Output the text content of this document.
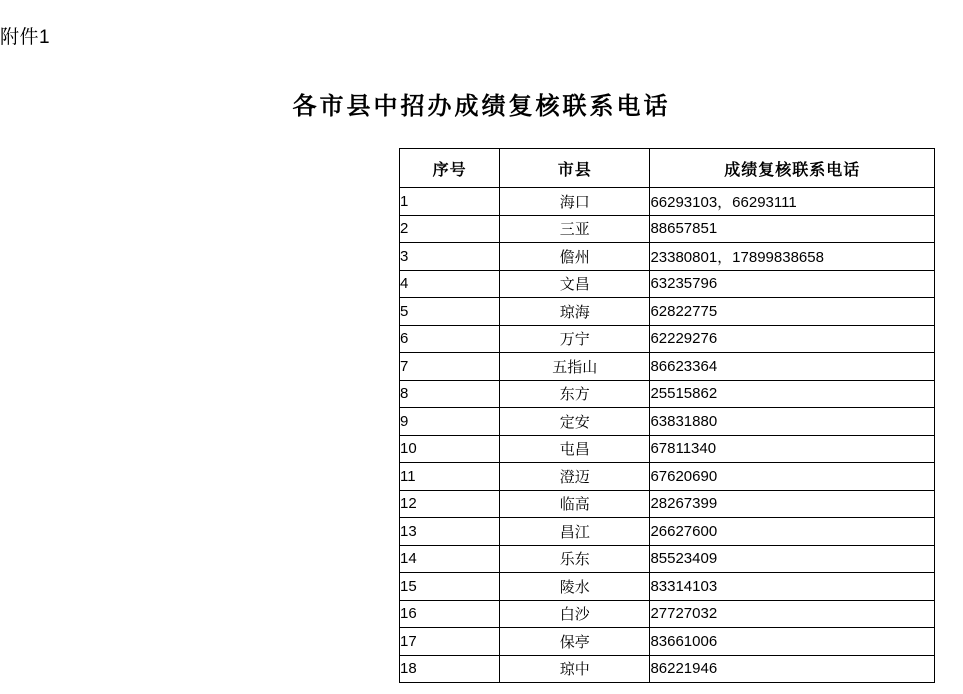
附件1
各市县中招办成绩复核联系电话
序号	市县	成绩复核联系电话
1	海口	66293103，66293111
2	三亚	88657851
3	儋州	23380801，17899838658
4	文昌	63235796
5	琼海	62822775
6	万宁	62229276
7	五指山	86623364
8	东方	25515862
9	定安	63831880
10	屯昌	67811340
11	澄迈	67620690
12	临高	28267399
13	昌江	26627600
14	乐东	85523409
15	陵水	83314103
16	白沙	27727032
17	保亭	83661006
18	琼中	86221946
